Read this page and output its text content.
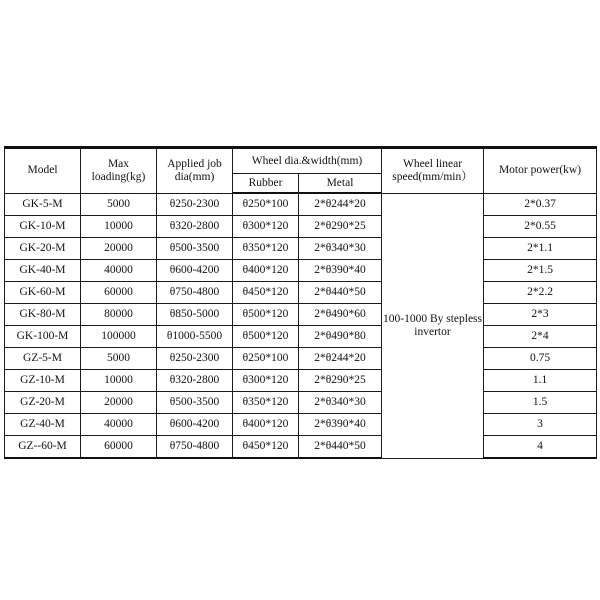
Model	Max loading(kg)	Applied job dia(mm)	Wheel dia.&width(mm)		Wheel linear speed(mm/min）	Motor power(kw)
			Rubber	Metal		
GK-5-M	5000	θ250-2300	θ250*100	2*θ244*20	100-1000 By stepless invertor	2*0.37
GK-10-M	10000	θ320-2800	θ300*120	2*θ290*25		2*0.55
GK-20-M	20000	θ500-3500	θ350*120	2*θ340*30		2*1.1
GK-40-M	40000	θ600-4200	θ400*120	2*θ390*40		2*1.5
GK-60-M	60000	θ750-4800	θ450*120	2*θ440*50		2*2.2
GK-80-M	80000	θ850-5000	θ500*120	2*θ490*60		2*3
GK-100-M	100000	θ1000-5500	θ500*120	2*θ490*80		2*4
GZ-5-M	5000	θ250-2300	θ250*100	2*θ244*20		0.75
GZ-10-M	10000	θ320-2800	θ300*120	2*θ290*25		1.1
GZ-20-M	20000	θ500-3500	θ350*120	2*θ340*30		1.5
GZ-40-M	40000	θ600-4200	θ400*120	2*θ390*40		3
GZ--60-M	60000	θ750-4800	θ450*120	2*θ440*50		4
